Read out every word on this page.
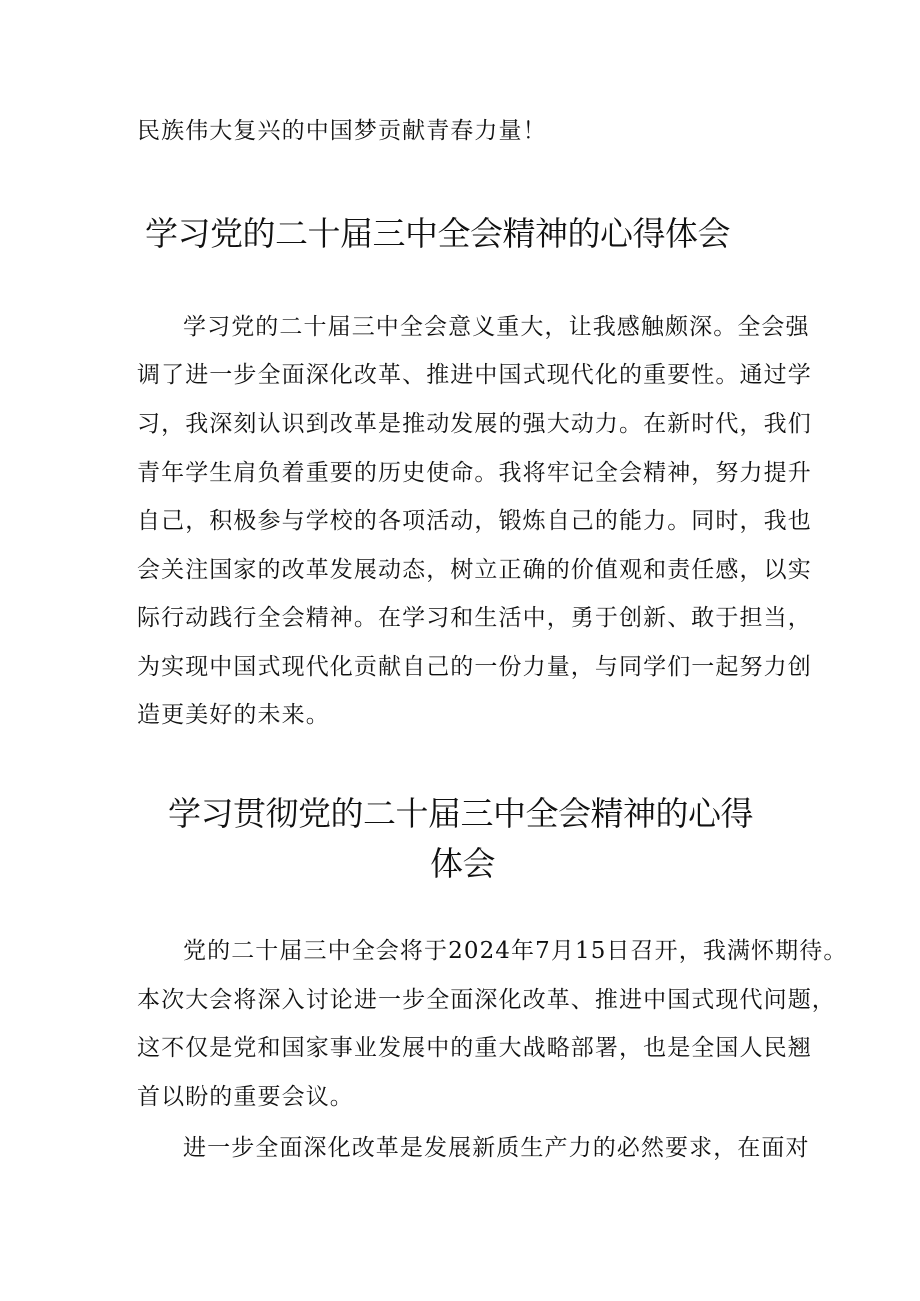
民族伟大复兴的中国梦贡献青春力量！
学习党的二十届三中全会精神的心得体会
学习党的二十届三中全会意义重大，让我感触颇深。全会强
调了进一步全面深化改革、推进中国式现代化的重要性。通过学
习，我深刻认识到改革是推动发展的强大动力。在新时代，我们
青年学生肩负着重要的历史使命。我将牢记全会精神，努力提升
自己，积极参与学校的各项活动，锻炼自己的能力。同时，我也
会关注国家的改革发展动态，树立正确的价值观和责任感，以实
际行动践行全会精神。在学习和生活中，勇于创新、敢于担当，
为实现中国式现代化贡献自己的一份力量，与同学们一起努力创
造更美好的未来。
学习贯彻党的二十届三中全会精神的心得
体会
党的二十届三中全会将于2024年7月15日召开，我满怀期待。
本次大会将深入讨论进一步全面深化改革、推进中国式现代问题，
这不仅是党和国家事业发展中的重大战略部署，也是全国人民翘
首以盼的重要会议。
进一步全面深化改革是发展新质生产力的必然要求，在面对
